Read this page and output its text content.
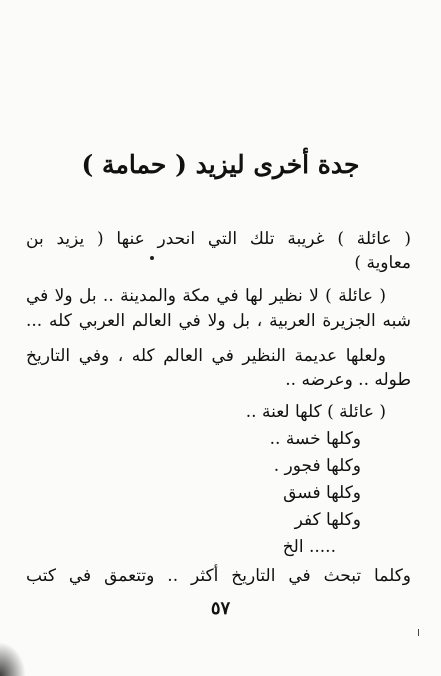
جدة أخرى ليزيد ( حمامة )
( عائلة ) غريبة تلك التي انحدر عنها ( يزيد بن
معاوية )
( عائلة ) لا نظير لها في مكة والمدينة .. بل ولا في
شبه الجزيرة العربية ، بل ولا في العالم العربي كله ...
ولعلها عديمة النظير في العالم كله ، وفي التاريخ
طوله .. وعرضه ..
( عائلة ) كلها لعنة ..
وكلها خسة ..
وكلها فجور .
وكلها فسق
وكلها كفر
..... الخ
وكلما تبحث في التاريخ أكثر .. وتتعمق في كتب
٥٧
